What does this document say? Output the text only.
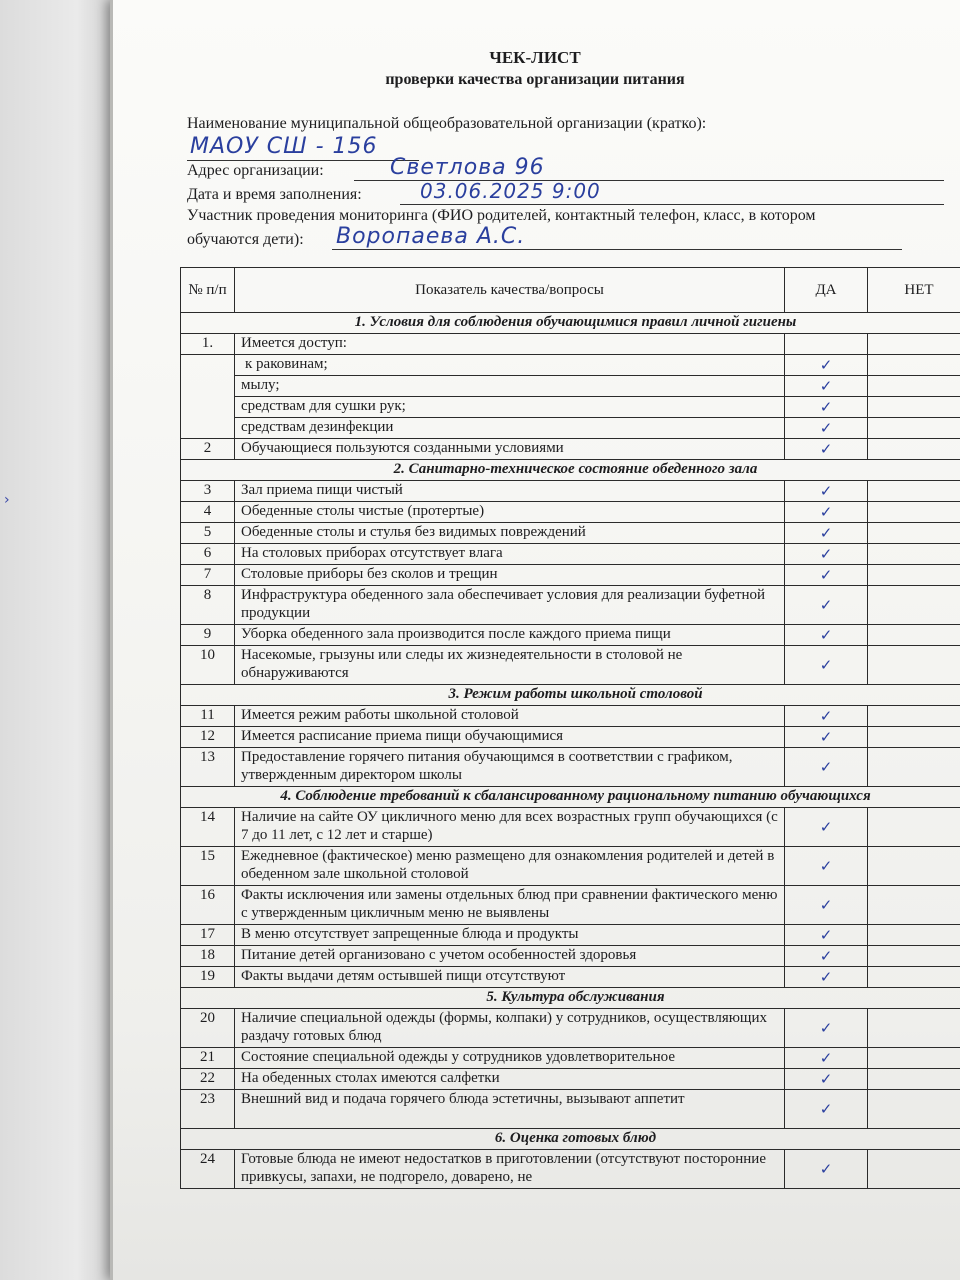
›
ЧЕК-ЛИСТ
проверки качества организации питания
Наименование муниципальной общеобразовательной организации (кратко):
МАОУ СШ - 156
Адрес организации:	Светлова 96
Дата и время заполнения:	03.06.2025 9:00
Участник проведения мониторинга (ФИО родителей, контактный телефон, класс, в котором
обучаются дети): Воропаева А.С.
№ п/п	Показатель качества/вопросы	ДА	НЕТ
1. Условия для соблюдения обучающимися правил личной гигиены			
1.	Имеется доступ:		
	к раковинам;	✓	
	мылу;	✓	
	средствам для сушки рук;	✓	
	средствам дезинфекции	✓	
2	Обучающиеся пользуются созданными условиями	✓	
2. Санитарно-техническое состояние обеденного зала			
3	Зал приема пищи чистый	✓	
4	Обеденные столы чистые (протертые)	✓	
5	Обеденные столы и стулья без видимых повреждений	✓	
6	На столовых приборах отсутствует влага	✓	
7	Столовые приборы без сколов и трещин	✓	
8	Инфраструктура обеденного зала обеспечивает условия для реализации буфетной продукции	✓	
9	Уборка обеденного зала производится после каждого приема пищи	✓	
10	Насекомые, грызуны или следы их жизнедеятельности в столовой не обнаруживаются	✓	
3. Режим работы школьной столовой			
11	Имеется режим работы школьной столовой	✓	
12	Имеется расписание приема пищи обучающимися	✓	
13	Предоставление горячего питания обучающимся в соответствии с графиком, утвержденным директором школы	✓	
4. Соблюдение требований к сбалансированному рациональному питанию обучающихся			
14	Наличие на сайте ОУ цикличного меню для всех возрастных групп обучающихся (с 7 до 11 лет, с 12 лет и старше)	✓	
15	Ежедневное (фактическое) меню размещено для ознакомления родителей и детей в обеденном зале школьной столовой	✓	
16	Факты исключения или замены отдельных блюд при сравнении фактического меню с утвержденным цикличным меню не выявлены	✓	
17	В меню отсутствует запрещенные блюда и продукты	✓	
18	Питание детей организовано с учетом особенностей здоровья	✓	
19	Факты выдачи детям остывшей пищи отсутствуют	✓	
5. Культура обслуживания			
20	Наличие специальной одежды (формы, колпаки) у сотрудников, осуществляющих раздачу готовых блюд	✓	
21	Состояние специальной одежды у сотрудников удовлетворительное	✓	
22	На обеденных столах имеются салфетки	✓	
23	Внешний вид и подача горячего блюда эстетичны, вызывают аппетит	✓	
6. Оценка готовых блюд			
24	Готовые блюда не имеют недостатков в приготовлении (отсутствуют посторонние привкусы, запахи, не подгорело, доварено, не	✓	
